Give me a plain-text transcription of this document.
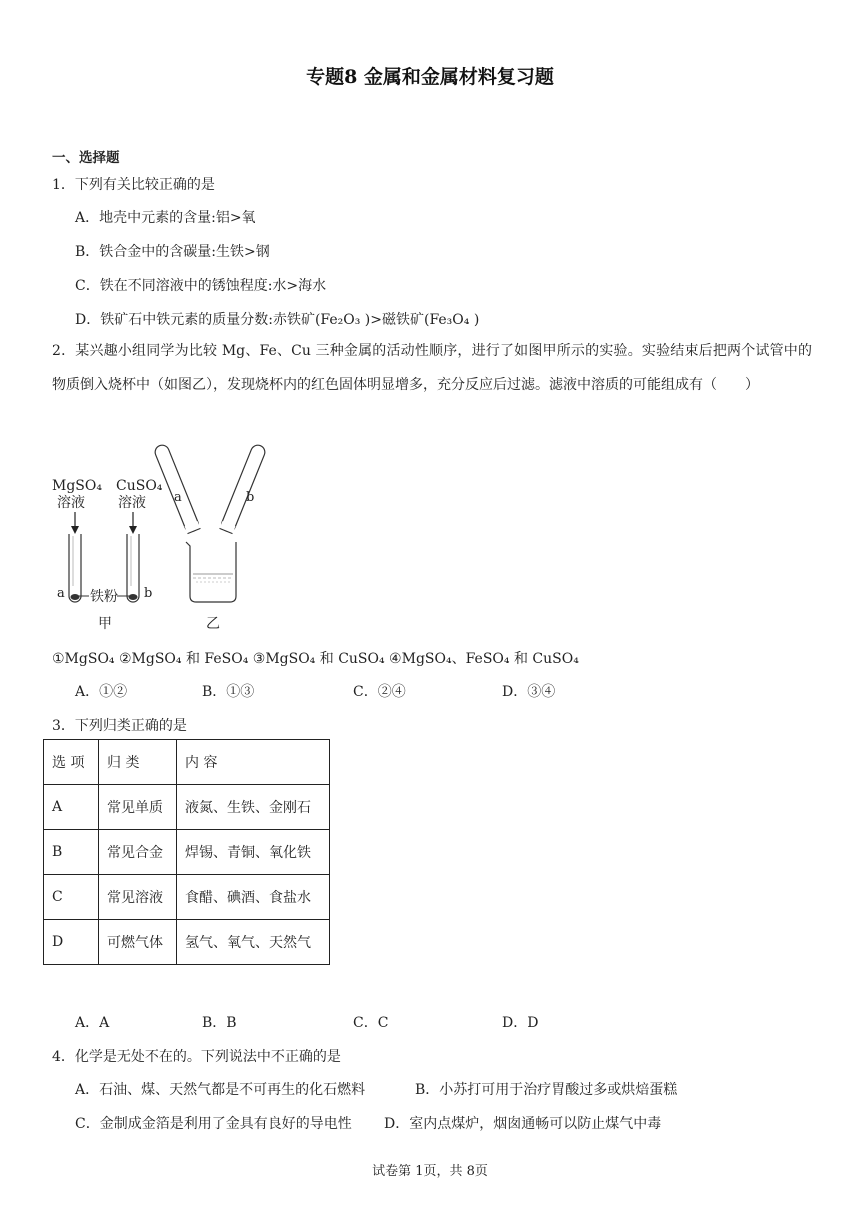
专题8 金属和金属材料复习题
一、选择题
1．下列有关比较正确的是
A．地壳中元素的含量:铝>氧
B．铁合金中的含碳量:生铁>钢
C．铁在不同溶液中的锈蚀程度:水>海水
D．铁矿石中铁元素的质量分数:赤铁矿(Fe₂O₃ )>磁铁矿(Fe₃O₄ )
2．某兴趣小组同学为比较 Mg、Fe、Cu 三种金属的活动性顺序，进行了如图甲所示的实验。实验结束后把两个试管中的物质倒入烧杯中（如图乙），发现烧杯内的红色固体明显增多，充分反应后过滤。滤液中溶质的可能组成有（　　）
MgSO₄
溶液
CuSO₄
溶液
a	b
铁粉
甲
a	b
乙
①MgSO₄ ②MgSO₄ 和 FeSO₄ ③MgSO₄ 和 CuSO₄ ④MgSO₄、FeSO₄ 和 CuSO₄
A．①②	B．①③	C．②④	D．③④
3．下列归类正确的是
选 项	归 类	内 容
A	常见单质	液氮、生铁、金刚石
B	常见合金	焊锡、青铜、氧化铁
C	常见溶液	食醋、碘酒、食盐水
D	可燃气体	氢气、氧气、天然气
A．A	B．B	C．C	D．D
4．化学是无处不在的。下列说法中不正确的是
A．石油、煤、天然气都是不可再生的化石燃料	B．小苏打可用于治疗胃酸过多或烘焙蛋糕
C．金制成金箔是利用了金具有良好的导电性 D．室内点煤炉，烟囱通畅可以防止煤气中毒
试卷第 1页，共 8页
